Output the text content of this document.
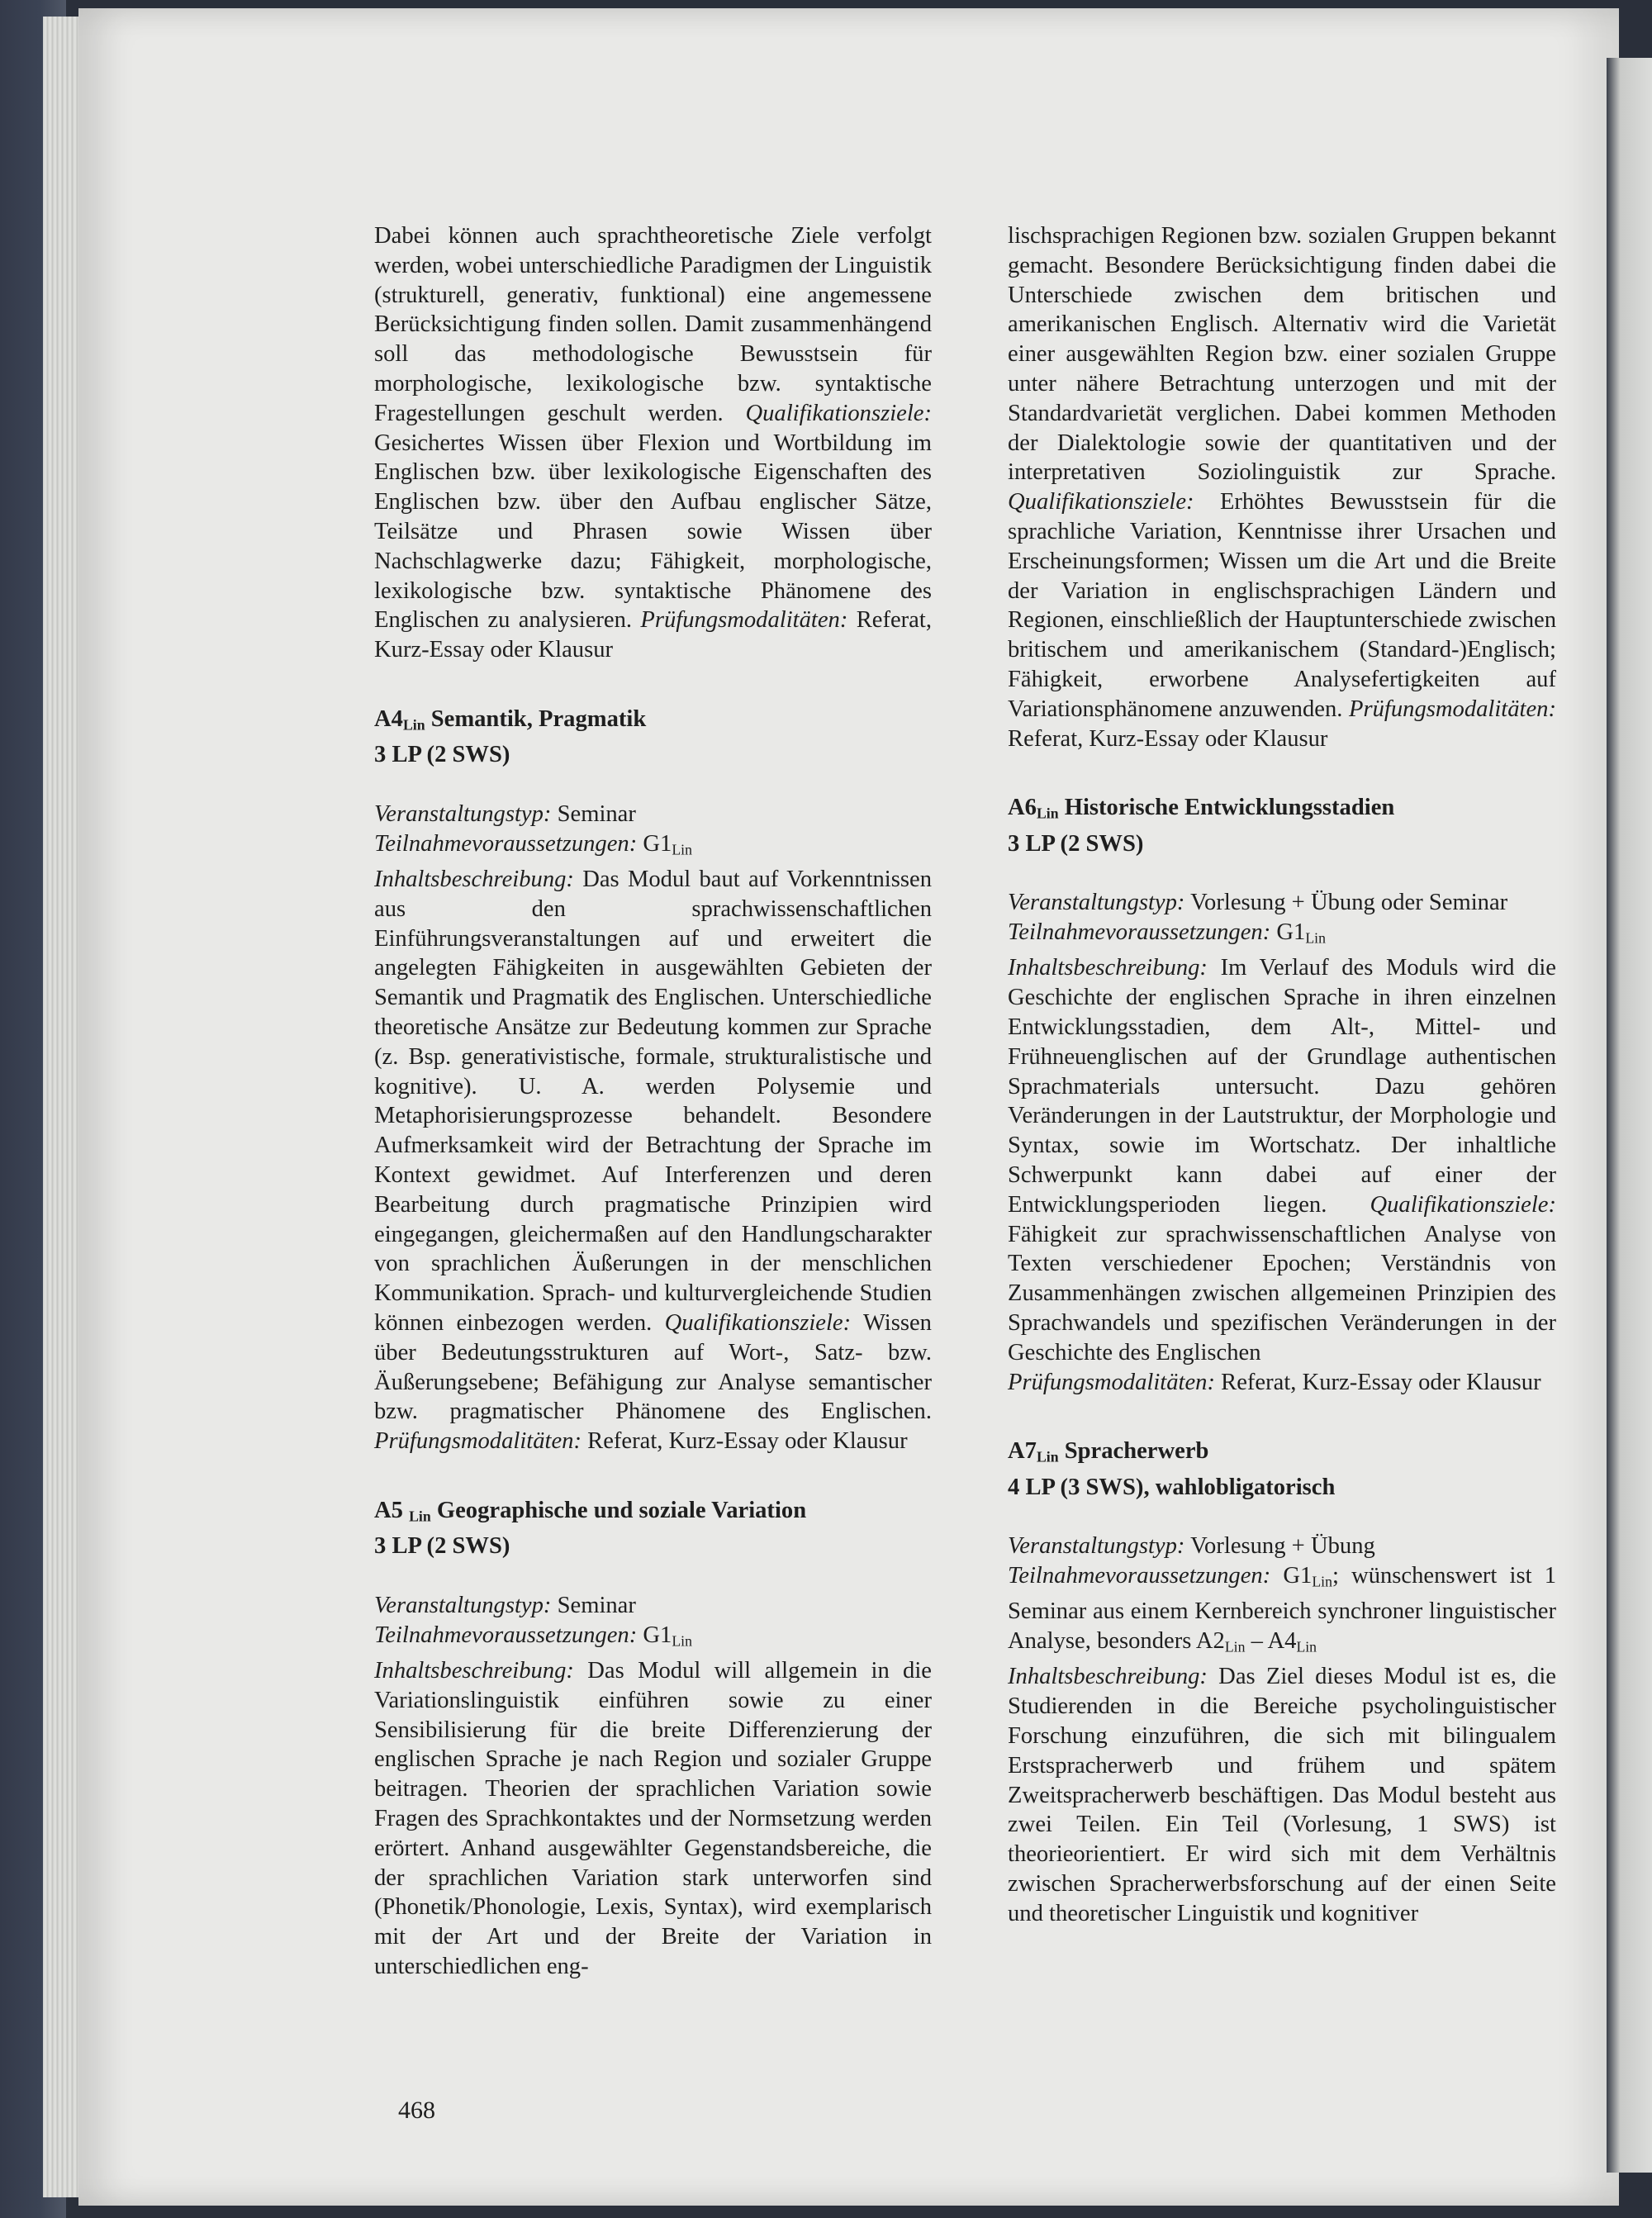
Dabei können auch sprachtheoretische Ziele verfolgt werden, wobei unterschiedliche Paradigmen der Linguistik (strukturell, generativ, funktional) eine angemessene Berücksichtigung finden sollen. Damit zusammenhängend soll das methodologische Bewusstsein für morphologische, lexikologische bzw. syntaktische Fragestellungen geschult werden. Qualifikationsziele: Gesichertes Wissen über Flexion und Wortbildung im Englischen bzw. über lexikologische Eigenschaften des Englischen bzw. über den Aufbau englischer Sätze, Teilsätze und Phrasen sowie Wissen über Nachschlagwerke dazu; Fähigkeit, morphologische, lexikologische bzw. syntaktische Phänomene des Englischen zu analysieren. Prüfungsmodalitäten: Referat, Kurz-Essay oder Klausur

$A4_{Lin}$ Semantik, Pragmatik

3 LP (2 SWS)

Veranstaltungstyp: Seminar

Teilnahmevoraussetzungen: $G1_{Lin}$

Inhaltsbeschreibung: Das Modul baut auf Vorkenntnissen aus den sprachwissenschaftlichen Einführungsveranstaltungen auf und erweitert die angelegten Fähigkeiten in ausgewählten Gebieten der Semantik und Pragmatik des Englischen. Unterschiedliche theoretische Ansätze zur Bedeutung kommen zur Sprache (z. Bsp. generativistische, formale, strukturalistische und kognitive). U. A. werden Polysemie und Metaphorisierungsprozesse behandelt. Besondere Aufmerksamkeit wird der Betrachtung der Sprache im Kontext gewidmet. Auf Interferenzen und deren Bearbeitung durch pragmatische Prinzipien wird eingegangen, gleichermaßen auf den Handlungscharakter von sprachlichen Äußerungen in der menschlichen Kommunikation. Sprach- und kulturvergleichende Studien können einbezogen werden. Qualifikationsziele: Wissen über Bedeutungsstrukturen auf Wort-, Satz- bzw. Äußerungsebene; Befähigung zur Analyse semantischer bzw. pragmatischer Phänomene des Englischen. Prüfungsmodalitäten: Referat, Kurz-Essay oder Klausur

A5 $_{Lin}$ Geographische und soziale Variation

3 LP (2 SWS)

Veranstaltungstyp: Seminar

Teilnahmevoraussetzungen: $G1_{Lin}$

Inhaltsbeschreibung: Das Modul will allgemein in die Variationslinguistik einführen sowie zu einer Sensibilisierung für die breite Differenzierung der englischen Sprache je nach Region und sozialer Gruppe beitragen. Theorien der sprachlichen Variation sowie Fragen des Sprachkontaktes und der Normsetzung werden erörtert. Anhand ausgewählter Gegenstandsbereiche, die der sprachlichen Variation stark unterworfen sind (Phonetik/Phonologie, Lexis, Syntax), wird exemplarisch mit der Art und der Breite der Variation in unterschiedlichen eng-

lischsprachigen Regionen bzw. sozialen Gruppen bekannt gemacht. Besondere Berücksichtigung finden dabei die Unterschiede zwischen dem britischen und amerikanischen Englisch. Alternativ wird die Varietät einer ausgewählten Region bzw. einer sozialen Gruppe unter nähere Betrachtung unterzogen und mit der Standardvarietät verglichen. Dabei kommen Methoden der Dialektologie sowie der quantitativen und der interpretativen Soziolinguistik zur Sprache. Qualifikationsziele: Erhöhtes Bewusstsein für die sprachliche Variation, Kenntnisse ihrer Ursachen und Erscheinungsformen; Wissen um die Art und die Breite der Variation in englischsprachigen Ländern und Regionen, einschließlich der Hauptunterschiede zwischen britischem und amerikanischem (Standard-)Englisch; Fähigkeit, erworbene Analysefertigkeiten auf Variationsphänomene anzuwenden. Prüfungsmodalitäten: Referat, Kurz-Essay oder Klausur

$A6_{Lin}$ Historische Entwicklungsstadien

3 LP (2 SWS)

Veranstaltungstyp: Vorlesung + Übung oder Seminar

Teilnahmevoraussetzungen: $G1_{Lin}$

Inhaltsbeschreibung: Im Verlauf des Moduls wird die Geschichte der englischen Sprache in ihren einzelnen Entwicklungsstadien, dem Alt-, Mittel- und Frühneuenglischen auf der Grundlage authentischen Sprachmaterials untersucht. Dazu gehören Veränderungen in der Lautstruktur, der Morphologie und Syntax, sowie im Wortschatz. Der inhaltliche Schwerpunkt kann dabei auf einer der Entwicklungsperioden liegen. Qualifikationsziele: Fähigkeit zur sprachwissenschaftlichen Analyse von Texten verschiedener Epochen; Verständnis von Zusammenhängen zwischen allgemeinen Prinzipien des Sprachwandels und spezifischen Veränderungen in der Geschichte des Englischen

Prüfungsmodalitäten: Referat, Kurz-Essay oder Klausur

$A7_{Lin}$ Spracherwerb

4 LP (3 SWS), wahlobligatorisch

Veranstaltungstyp: Vorlesung + Übung

Teilnahmevoraussetzungen: $G1_{Lin}$; wünschenswert ist 1 Seminar aus einem Kernbereich synchroner linguistischer Analyse, besonders $A2_{Lin} - A4_{Lin}$

Inhaltsbeschreibung: Das Ziel dieses Modul ist es, die Studierenden in die Bereiche psycholinguistischer Forschung einzuführen, die sich mit bilingualem Erstspracherwerb und frühem und spätem Zweitspracherwerb beschäftigen. Das Modul besteht aus zwei Teilen. Ein Teil (Vorlesung, 1 SWS) ist theorieorientiert. Er wird sich mit dem Verhältnis zwischen Spracherwerbsforschung auf der einen Seite und theoretischer Linguistik und kognitiver

468
